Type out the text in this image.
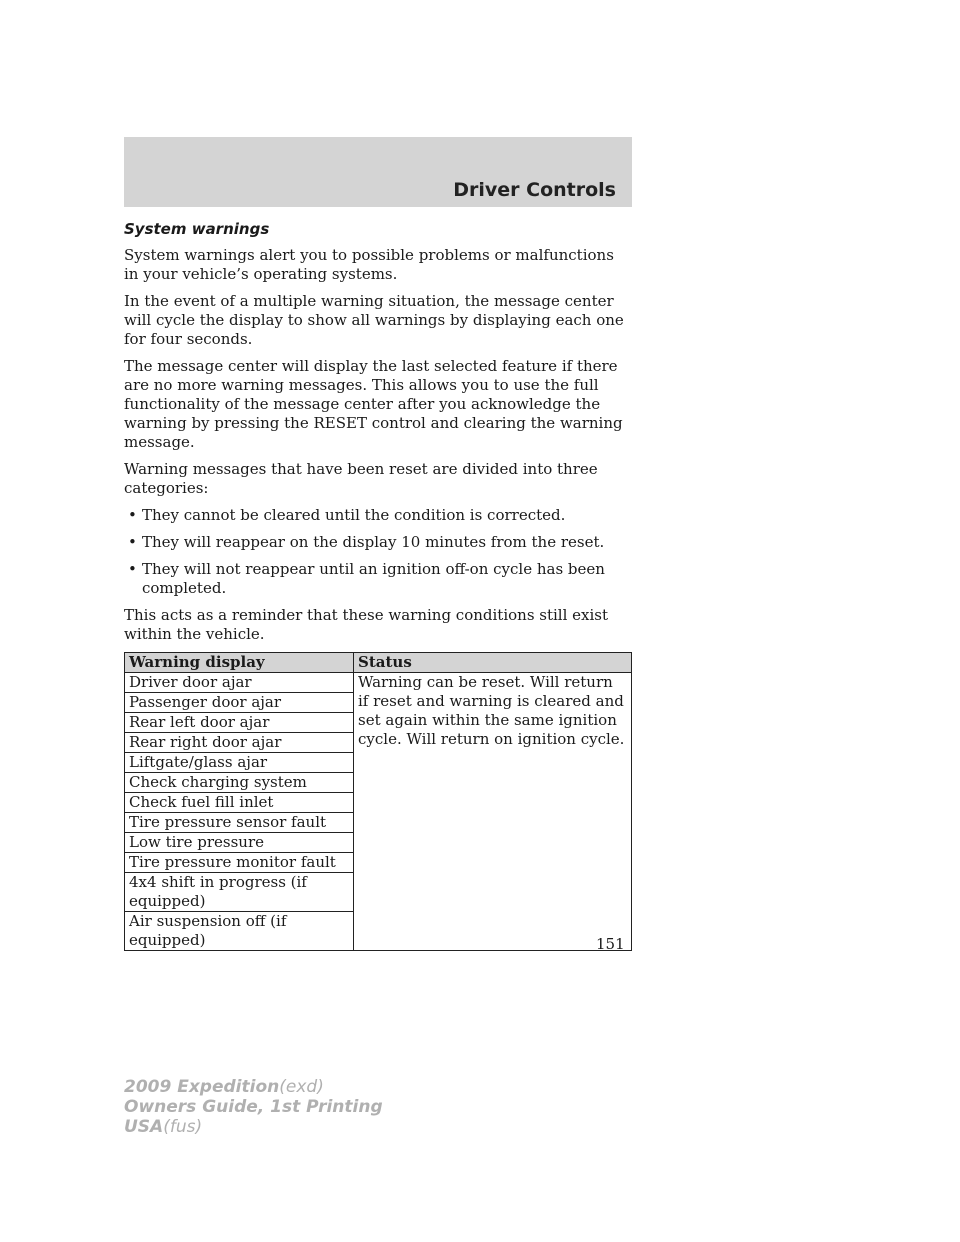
Driver Controls
System warnings

System warnings alert you to possible problems or malfunctions in your vehicle’s operating systems.

In the event of a multiple warning situation, the message center will cycle the display to show all warnings by displaying each one for four seconds.

The message center will display the last selected feature if there are no more warning messages. This allows you to use the full functionality of the message center after you acknowledge the warning by pressing the RESET control and clearing the warning message.

Warning messages that have been reset are divided into three categories:

• They cannot be cleared until the condition is corrected.
• They will reappear on the display 10 minutes from the reset.
• They will not reappear until an ignition off-on cycle has been completed.

This acts as a reminder that these warning conditions still exist within the vehicle.

Warning display	Status
Driver door ajar	Warning can be reset. Will return if reset and warning is cleared and set again within the same ignition cycle. Will return on ignition cycle.
Passenger door ajar	
Rear left door ajar	
Rear right door ajar	
Liftgate/glass ajar	
Check charging system	
Check fuel fill inlet	
Tire pressure sensor fault	
Low tire pressure	
Tire pressure monitor fault	
4x4 shift in progress (if equipped)	
Air suspension off (if equipped)		151
2009 Expedition(exd)
Owners Guide, 1st Printing
USA(fus)
